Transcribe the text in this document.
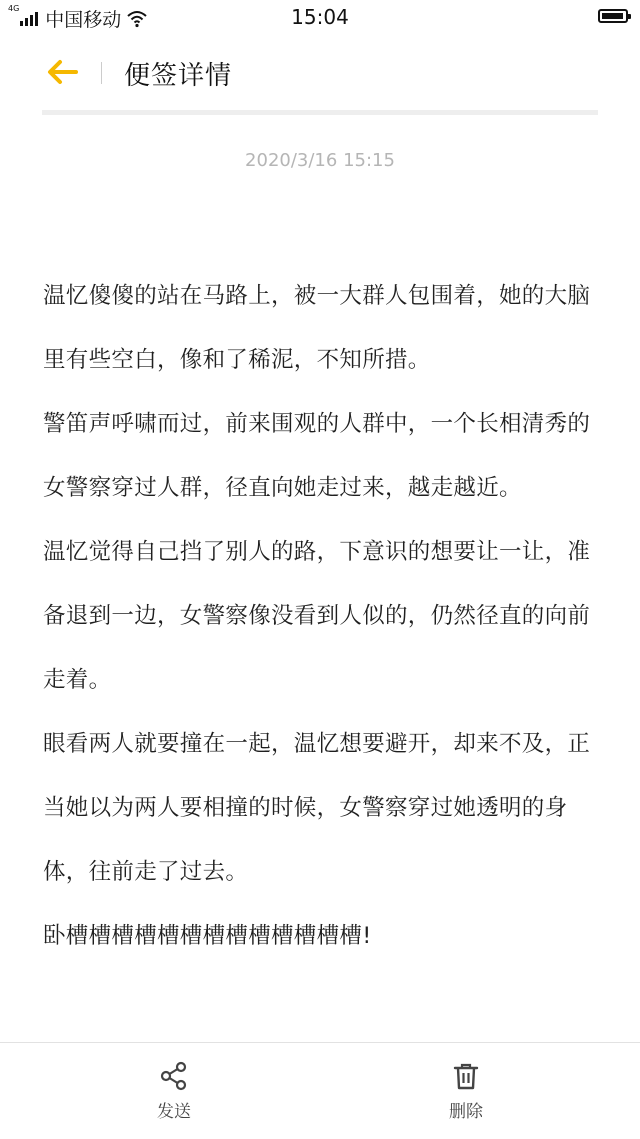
4G
中国移动	15:04
便签详情
2020/3/16 15:15

温忆傻傻的站在马路上，被一大群人包围着，她的大脑里有些空白，像和了稀泥，不知所措。

警笛声呼啸而过，前来围观的人群中，一个长相清秀的女警察穿过人群，径直向她走过来，越走越近。

温忆觉得自己挡了别人的路，下意识的想要让一让，准备退到一边，女警察像没看到人似的，仍然径直的向前走着。

眼看两人就要撞在一起，温忆想要避开，却来不及，正当她以为两人要相撞的时候，女警察穿过她透明的身体，往前走了过去。

卧槽槽槽槽槽槽槽槽槽槽槽槽槽!

发送	删除
